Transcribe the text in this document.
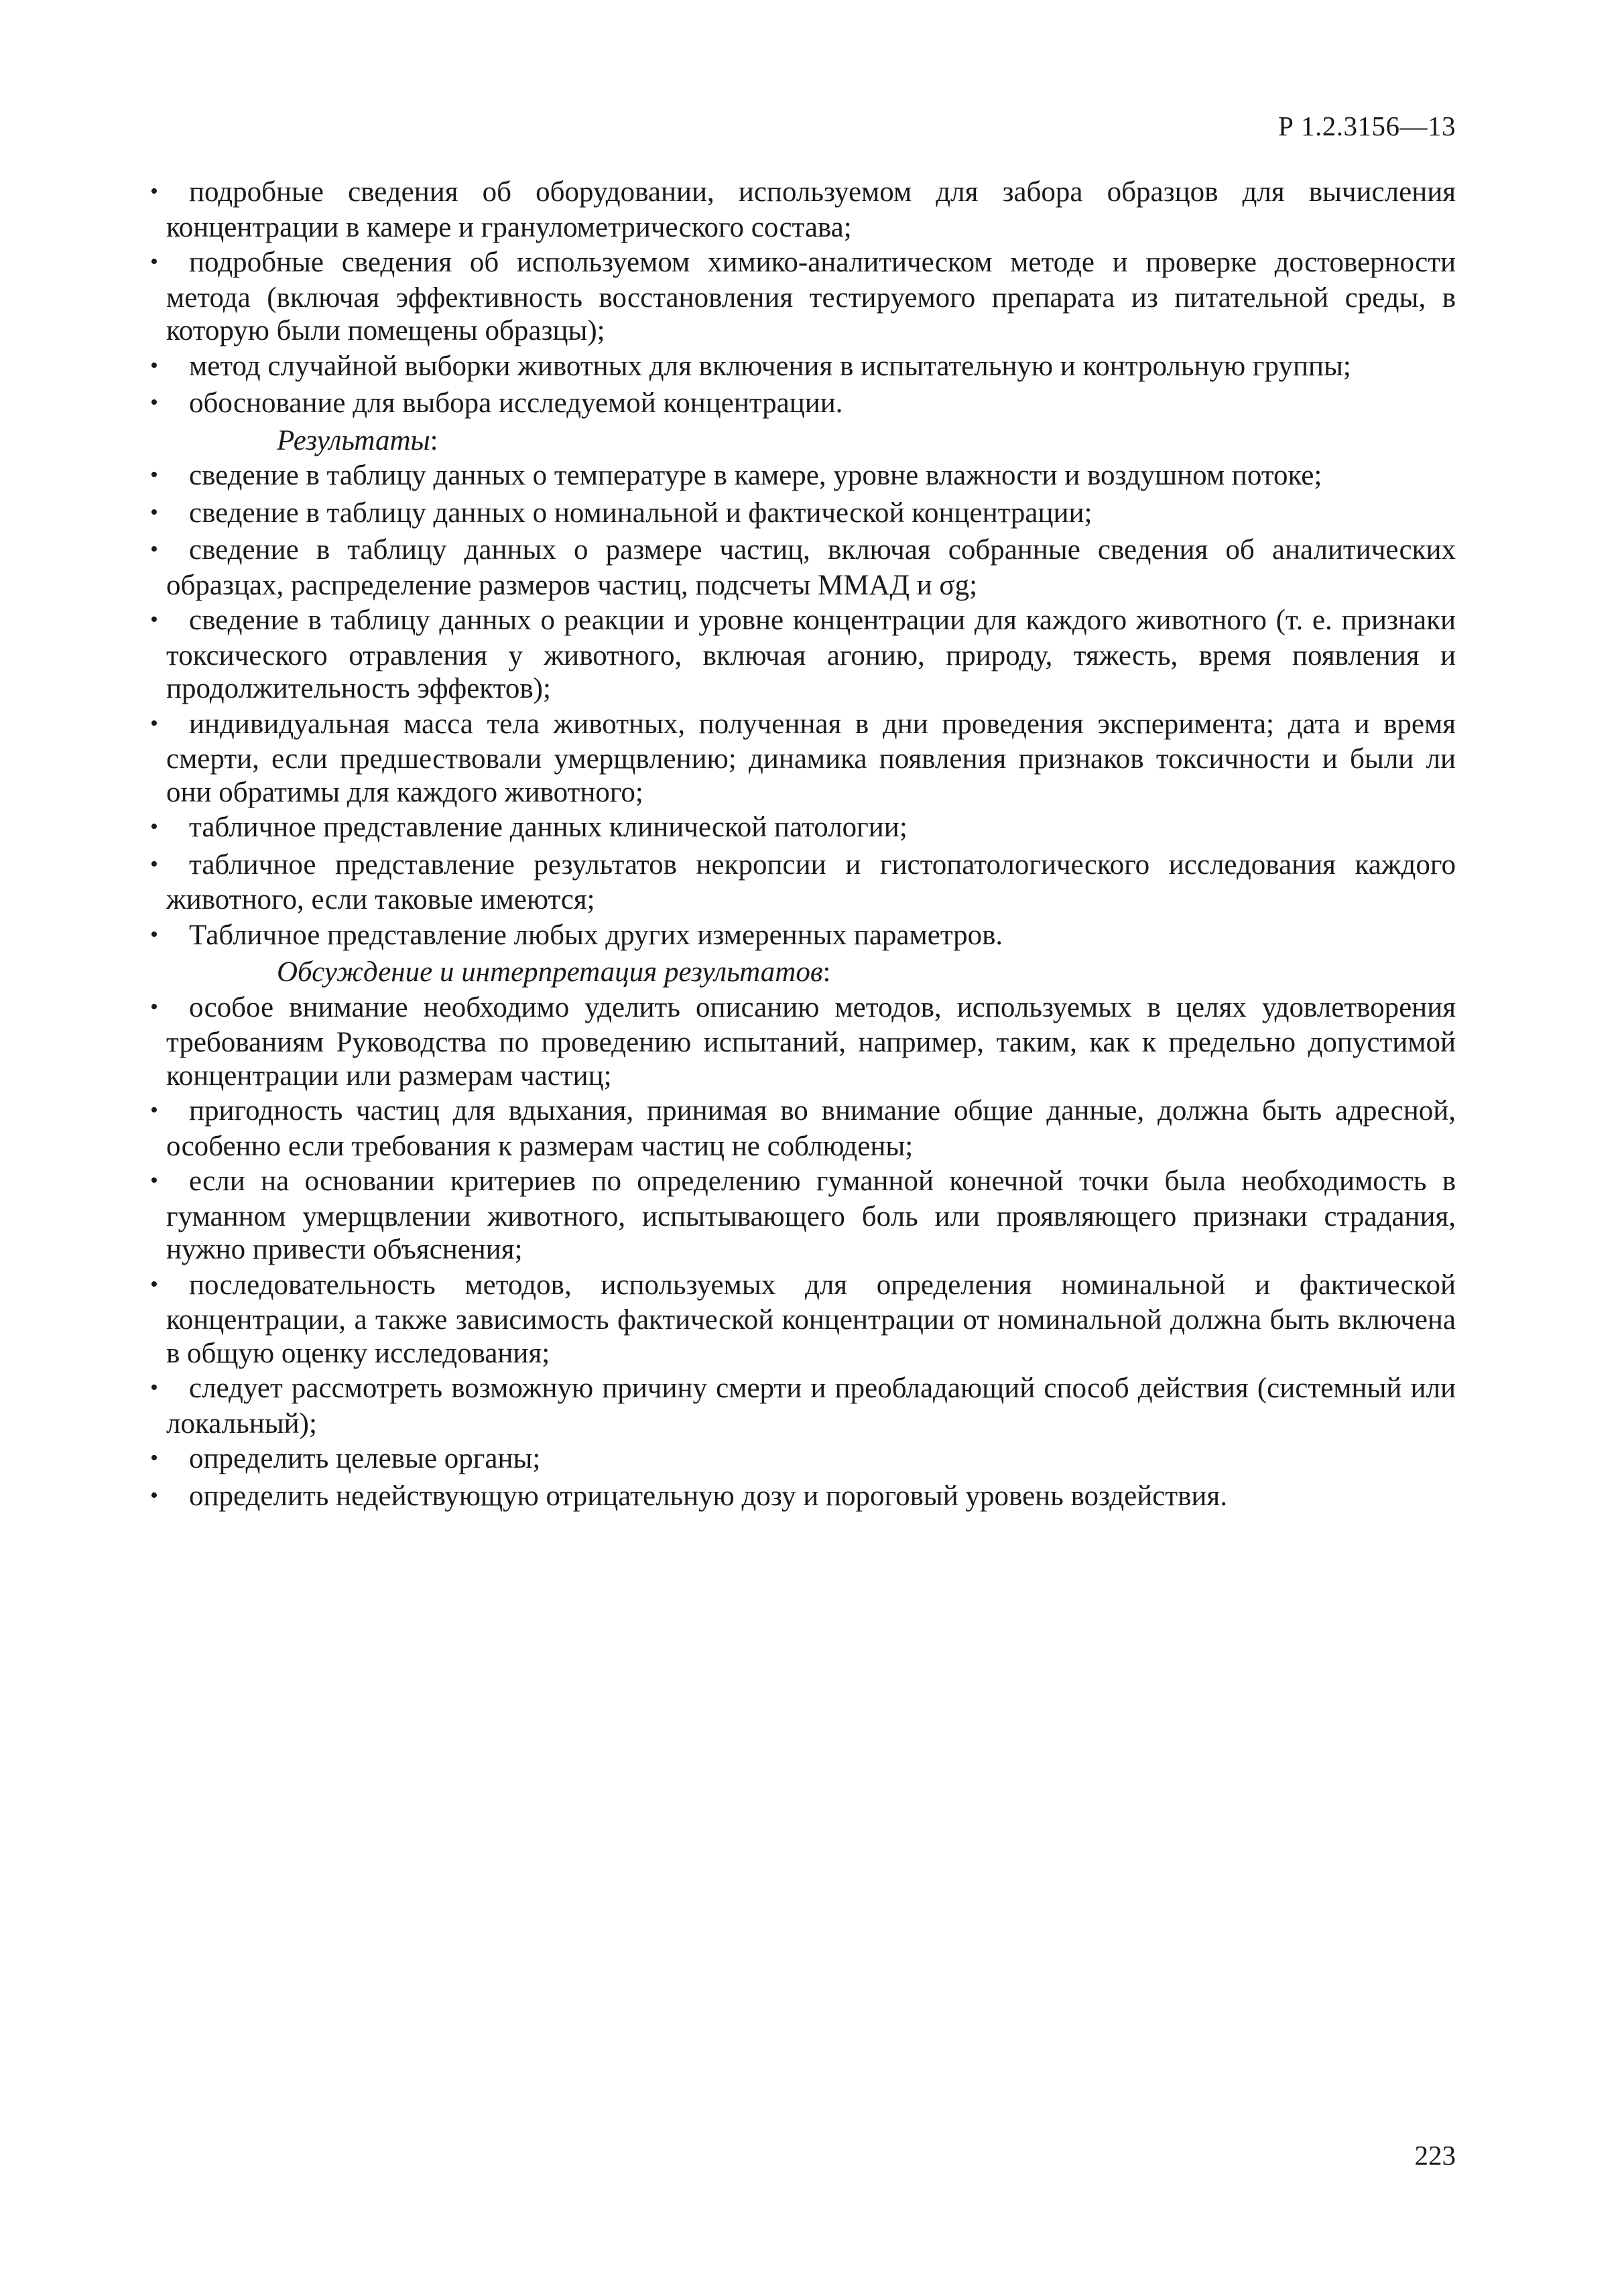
Р 1.2.3156—13

• подробные сведения об оборудовании, используемом для забора образцов для вычисления концентрации в камере и гранулометрического состава;

• подробные сведения об используемом химико-аналитическом методе и проверке достоверности метода (включая эффективность восстановления тестируемого препарата из питательной среды, в которую были помещены образцы);

• метод случайной выборки животных для включения в испытательную и контрольную группы;

• обоснование для выбора исследуемой концентрации.

Результаты:

• сведение в таблицу данных о температуре в камере, уровне влажности и воздушном потоке;

• сведение в таблицу данных о номинальной и фактической концентрации;

• сведение в таблицу данных о размере частиц, включая собранные сведения об аналитических образцах, распределение размеров частиц, подсчеты ММАД и σg;

• сведение в таблицу данных о реакции и уровне концентрации для каждого животного (т. е. признаки токсического отравления у животного, включая агонию, природу, тяжесть, время появления и продолжительность эффектов);

• индивидуальная масса тела животных, полученная в дни проведения эксперимента; дата и время смерти, если предшествовали умерщвлению; динамика появления признаков токсичности и были ли они обратимы для каждого животного;

• табличное представление данных клинической патологии;

• табличное представление результатов некропсии и гистопатологического исследования каждого животного, если таковые имеются;

• Табличное представление любых других измеренных параметров.

Обсуждение и интерпретация результатов:

• особое внимание необходимо уделить описанию методов, используемых в целях удовлетворения требованиям Руководства по проведению испытаний, например, таким, как к предельно допустимой концентрации или размерам частиц;

• пригодность частиц для вдыхания, принимая во внимание общие данные, должна быть адресной, особенно если требования к размерам частиц не соблюдены;

• если на основании критериев по определению гуманной конечной точки была необходимость в гуманном умерщвлении животного, испытывающего боль или проявляющего признаки страдания, нужно привести объяснения;

• последовательность методов, используемых для определения номинальной и фактической концентрации, а также зависимость фактической концентрации от номинальной должна быть включена в общую оценку исследования;

• следует рассмотреть возможную причину смерти и преобладающий способ действия (системный или локальный);

• определить целевые органы;

• определить недействующую отрицательную дозу и пороговый уровень воздействия.

223
